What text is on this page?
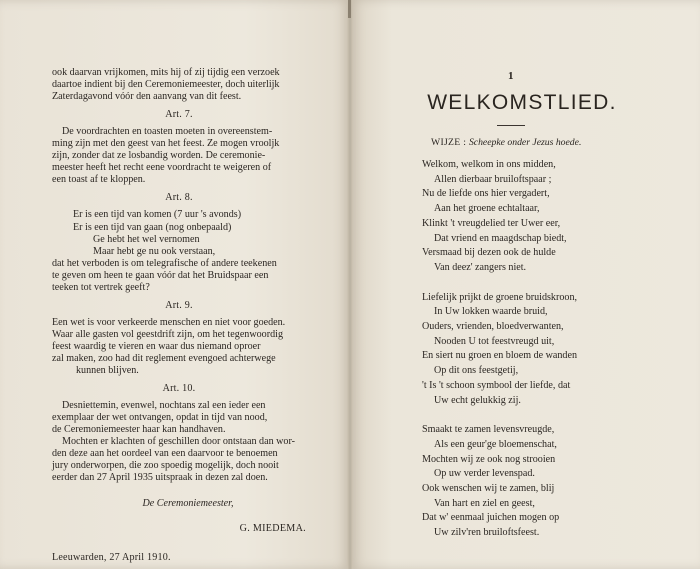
ook daarvan vrijkomen, mits hij of zij tijdig een verzoek
daartoe indient bij den Ceremoniemeester, doch uiterlijk
Zaterdagavond vóór den aanvang van dit feest.
Art. 7.
De voordrachten en toasten moeten in overeenstem-
ming zijn met den geest van het feest. Ze mogen vrooljk
zijn, zonder dat ze losbandig worden. De ceremonie-
meester heeft het recht eene voordracht te weigeren of
een toast af te kloppen.
Art. 8.
Er is een tijd van komen (7 uur 's avonds)
Er is een tijd van gaan (nog onbepaald)
Ge hebt het wel vernomen
Maar hebt ge nu ook verstaan,
dat het verboden is om telegrafische of andere teekenen
te geven om heen te gaan vóór dat het Bruidspaar een
teeken tot vertrek geeft?
Art. 9.
Een wet is voor verkeerde menschen en niet voor goeden.
Waar alle gasten vol geestdrift zijn, om het tegenwoordig
feest waardig te vieren en waar dus niemand oproer
zal maken, zoo had dit reglement evengoed achterwege
kunnen blijven.
Art. 10.
Desniettemin, evenwel, nochtans zal een ieder een
exemplaar der wet ontvangen, opdat in tijd van nood,
de Ceremoniemeester haar kan handhaven.
Mochten er klachten of geschillen door ontstaan dan wor-
den deze aan het oordeel van een daarvoor te benoemen
jury onderworpen, die zoo spoedig mogelijk, doch nooit
eerder dan 27 April 1935 uitspraak in dezen zal doen.
De Ceremoniemeester,
G. MIEDEMA.
Leeuwarden, 27 April 1910.
1
WELKOMSTLIED.
WIJZE : Scheepke onder Jezus hoede.
Welkom, welkom in ons midden,
Allen dierbaar bruiloftspaar ;
Nu de liefde ons hier vergadert,
Aan het groene echtaltaar,
Klinkt 't vreugdelied ter Uwer eer,
Dat vriend en maagdschap biedt,
Versmaad bij dezen ook de hulde
Van deez' zangers niet.
Liefelijk prijkt de groene bruidskroon,
In Uw lokken waarde bruid,
Ouders, vrienden, bloedverwanten,
Nooden U tot feestvreugd uit,
En siert nu groen en bloem de wanden
Op dit ons feestgetij,
't Is 't schoon symbool der liefde, dat
Uw echt gelukkig zij.
Smaakt te zamen levensvreugde,
Als een geur'ge bloemenschat,
Mochten wij ze ook nog strooien
Op uw verder levenspad.
Ook wenschen wij te zamen, blij
Van hart en ziel en geest,
Dat w' eenmaal juichen mogen op
Uw zilv'ren bruiloftsfeest.
